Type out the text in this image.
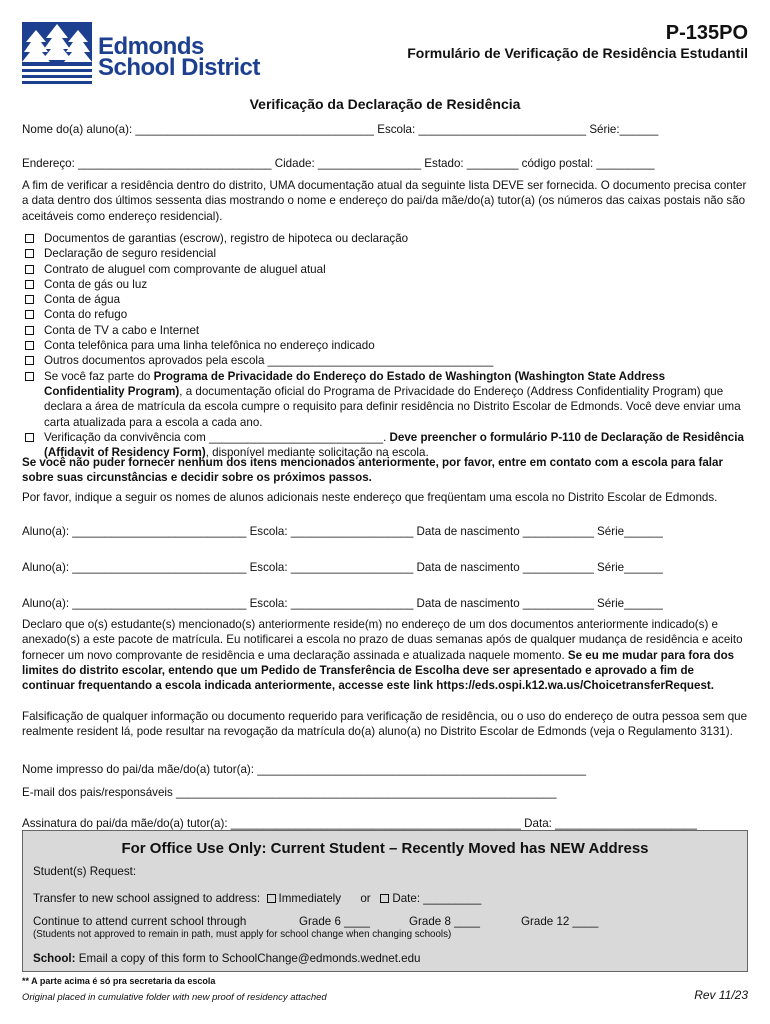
Edmonds
School District
P-135PO
Formulário de Verificação de Residência Estudantil
Verificação da Declaração de Residência
Nome do(a) aluno(a): _____________________________________ Escola: __________________________ Série:______
Endereço: ______________________________ Cidade: ________________ Estado: ________ código postal: _________
A fim de verificar a residência dentro do distrito, UMA documentação atual da seguinte lista DEVE ser fornecida. O documento precisa conter a data dentro dos últimos sessenta dias mostrando o nome e endereço do pai/da mãe/do(a) tutor(a) (os números das caixas postais não são aceitáveis como endereço residencial).
Documentos de garantias (escrow), registro de hipoteca ou declaração
Declaração de seguro residencial
Contrato de aluguel com comprovante de aluguel atual
Conta de gás ou luz
Conta de água
Conta do refugo
Conta de TV a cabo e Internet
Conta telefônica para uma linha telefônica no endereço indicado
Outros documentos aprovados pela escola ___________________________________
Se você faz parte do Programa de Privacidade do Endereço do Estado de Washington (Washington State Address Confidentiality Program), a documentação oficial do Programa de Privacidade do Endereço (Address Confidentiality Program) que declara a área de matrícula da escola cumpre o requisito para definir residência no Distrito Escolar de Edmonds. Você deve enviar uma carta atualizada para a escola a cada ano.
Verificação da convivência com ___________________________. Deve preencher o formulário P-110 de Declaração de Residência (Affidavit of Residency Form), disponível mediante solicitação na escola.
Se você não puder fornecer nenhum dos itens mencionados anteriormente, por favor, entre em contato com a escola para falar sobre suas circunstâncias e decidir sobre os próximos passos.
Por favor, indique a seguir os nomes de alunos adicionais neste endereço que freqüentam uma escola no Distrito Escolar de Edmonds.
Aluno(a): ___________________________ Escola: ___________________ Data de nascimento ___________ Série______
Aluno(a): ___________________________ Escola: ___________________ Data de nascimento ___________ Série______
Aluno(a): ___________________________ Escola: ___________________ Data de nascimento ___________ Série______
Declaro que o(s) estudante(s) mencionado(s) anteriormente reside(m) no endereço de um dos documentos anteriormente indicado(s) e anexado(s) a este pacote de matrícula. Eu notificarei a escola no prazo de duas semanas após de qualquer mudança de residência e aceito fornecer um novo comprovante de residência e uma declaração assinada e atualizada naquele momento. Se eu me mudar para fora dos limites do distrito escolar, entendo que um Pedido de Transferência de Escolha deve ser apresentado e aprovado a fim de continuar frequentando a escola indicada anteriormente, accesse este link https://eds.ospi.k12.wa.us/ChoicetransferRequest.
Falsificação de qualquer informação ou documento requerido para verificação de residência, ou o uso do endereço de outra pessoa sem que realmente resident lá, pode resultar na revogação da matrícula do(a) aluno(a) no Distrito Escolar de Edmonds (veja o Regulamento 3131).
Nome impresso do pai/da mãe/do(a) tutor(a): ___________________________________________________
E-mail dos pais/responsáveis ___________________________________________________________
Assinatura do pai/da mãe/do(a) tutor(a): _____________________________________________ Data: ______________________
For Office Use Only: Current Student – Recently Moved has NEW Address
Student(s) Request:
Transfer to new school assigned to address: Immediately or Date: _________
Continue to attend current school through	Grade 6 ____	Grade 8 ____	Grade 12 ____
(Students not approved to remain in path, must apply for school change when changing schools)
School: Email a copy of this form to SchoolChange@edmonds.wednet.edu
** A parte acima é só pra secretaria da escola
Original placed in cumulative folder with new proof of residency attached	Rev 11/23
